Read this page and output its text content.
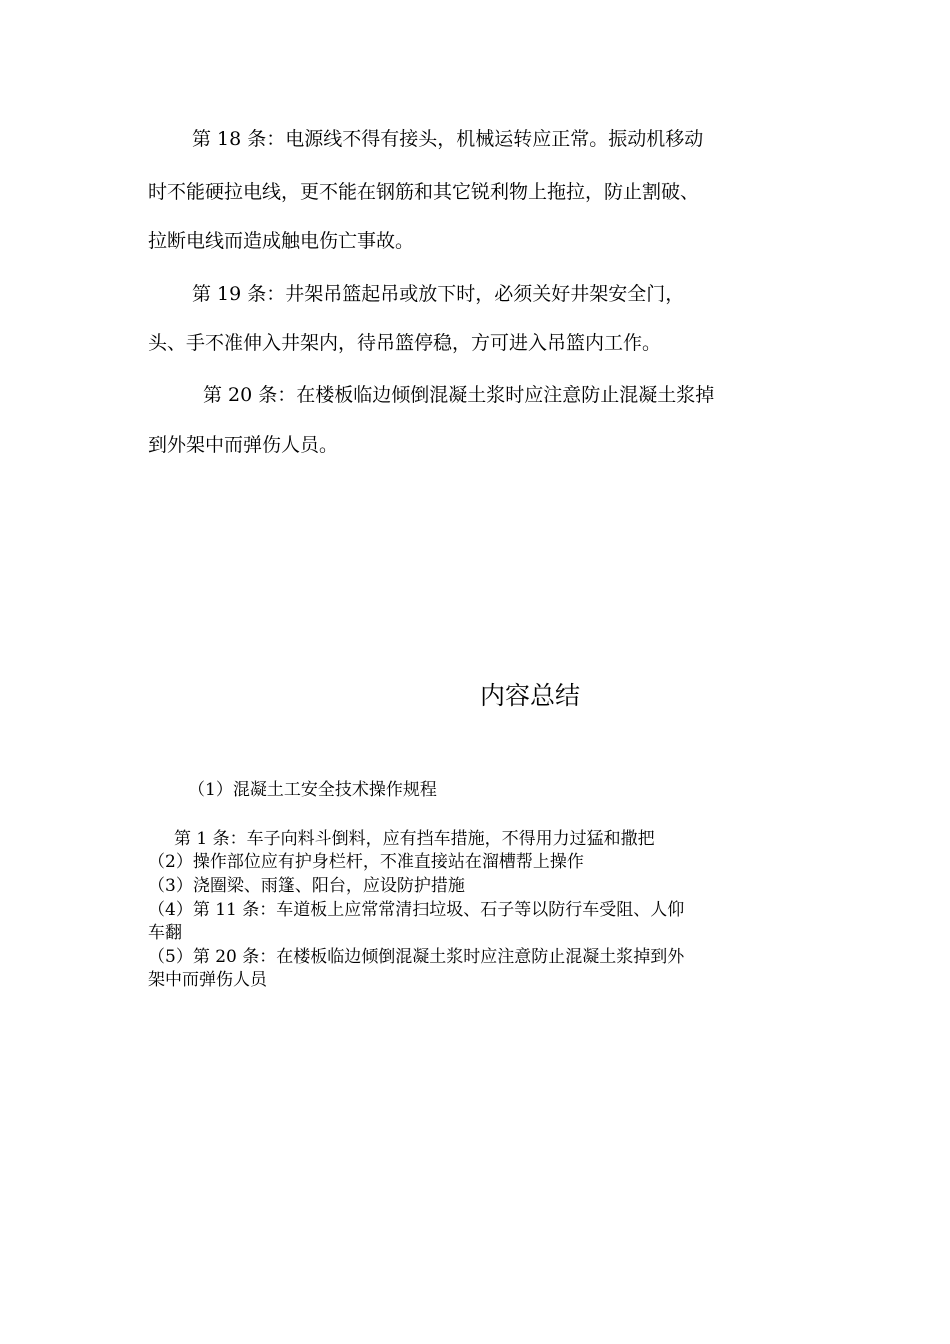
第 18 条：电源线不得有接头，机械运转应正常。振动机移动
时不能硬拉电线，更不能在钢筋和其它锐利物上拖拉，防止割破、
拉断电线而造成触电伤亡事故。
第 19 条：井架吊篮起吊或放下时，必须关好井架安全门，
头、手不准伸入井架内，待吊篮停稳，方可进入吊篮内工作。
第 20 条：在楼板临边倾倒混凝土浆时应注意防止混凝土浆掉
到外架中而弹伤人员。
内容总结
（1）混凝土工安全技术操作规程
第 1 条：车子向料斗倒料，应有挡车措施，不得用力过猛和撒把
（2）操作部位应有护身栏杆，不准直接站在溜槽帮上操作
（3）浇圈梁、雨篷、阳台，应设防护措施
（4）第 11 条：车道板上应常常清扫垃圾、石子等以防行车受阻、人仰
车翻
（5）第 20 条：在楼板临边倾倒混凝土浆时应注意防止混凝土浆掉到外
架中而弹伤人员
